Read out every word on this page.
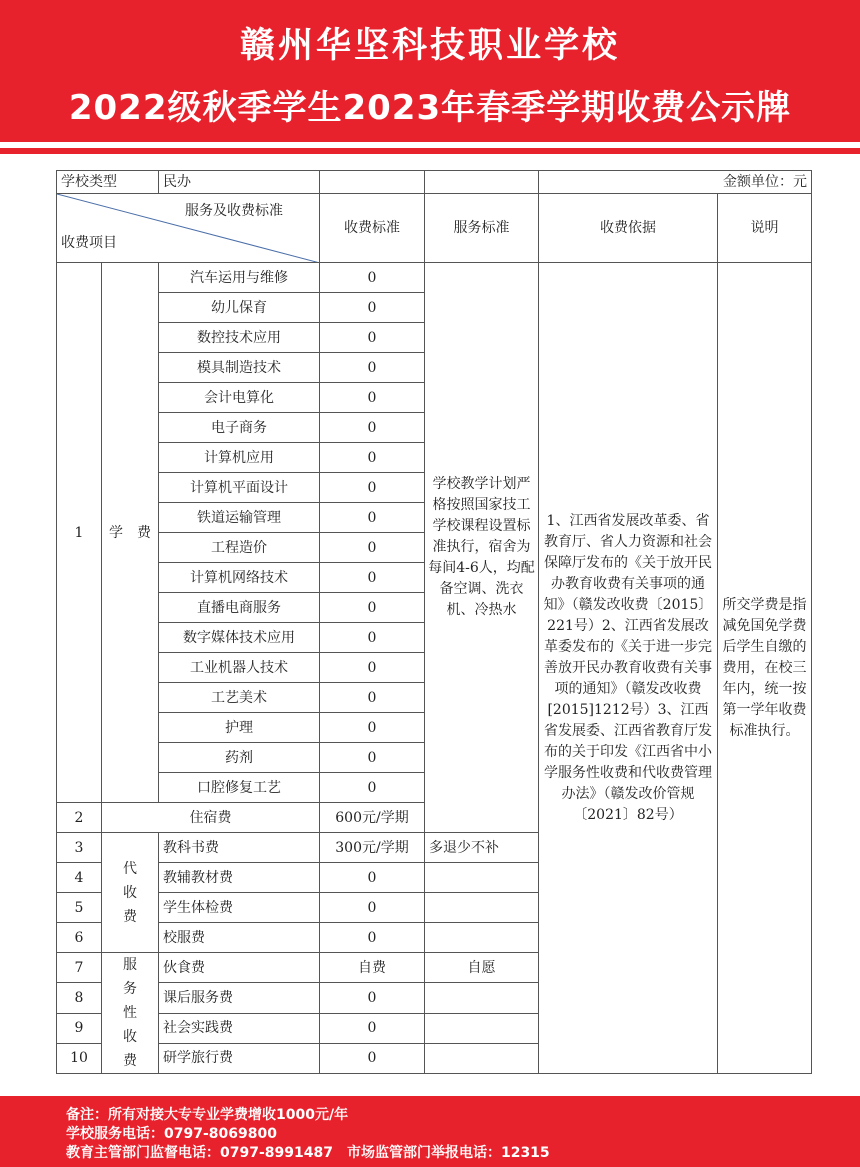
赣州华坚科技职业学校
2022级秋季学生2023年春季学期收费公示牌
学校类型		民办			金额单位：元	

服务及收费标准
收费项目			收费标准	服务标准	收费依据	说明
1	学　费	汽车运用与维修	0	学校教学计划严格按照国家技工学校课程设置标准执行，宿舍为每间4-6人，均配备空调、洗衣机、冷热水	1、江西省发展改革委、省教育厅、省人力资源和社会保障厅发布的《关于放开民办教育收费有关事项的通知》（赣发改收费〔2015〕221号）2、江西省发展改革委发布的《关于进一步完善放开民办教育收费有关事项的通知》（赣发改收费[2015]1212号）3、江西省发展委、江西省教育厅发布的关于印发《江西省中小学服务性收费和代收费管理办法》（赣发改价管规〔2021〕82号）	所交学费是指减免国免学费后学生自缴的费用，在校三年内，统一按第一学年收费标准执行。
		幼儿保育	0			
		数控技术应用	0			
		模具制造技术	0			
		会计电算化	0			
		电子商务	0			
		计算机应用	0			
		计算机平面设计	0			
		铁道运输管理	0			
		工程造价	0			
		计算机网络技术	0			
		直播电商服务	0			
		数字媒体技术应用	0			
		工业机器人技术	0			
		工艺美术	0			
		护理	0			
		药剂	0			
		口腔修复工艺	0			
2	住宿费		600元/学期			
3	代
收
费	教科书费	300元/学期	多退少不补		
4		教辅教材费	0			
5		学生体检费	0			
6		校服费	0			
7	服
务
性
收
费	伙食费	自费	自愿		
8		课后服务费	0			
9		社会实践费	0			
10		研学旅行费	0			
备注：所有对接大专专业学费增收1000元/年
学校服务电话：0797-8069800
教育主管部门监督电话：0797-8991487　市场监管部门举报电话：12315
